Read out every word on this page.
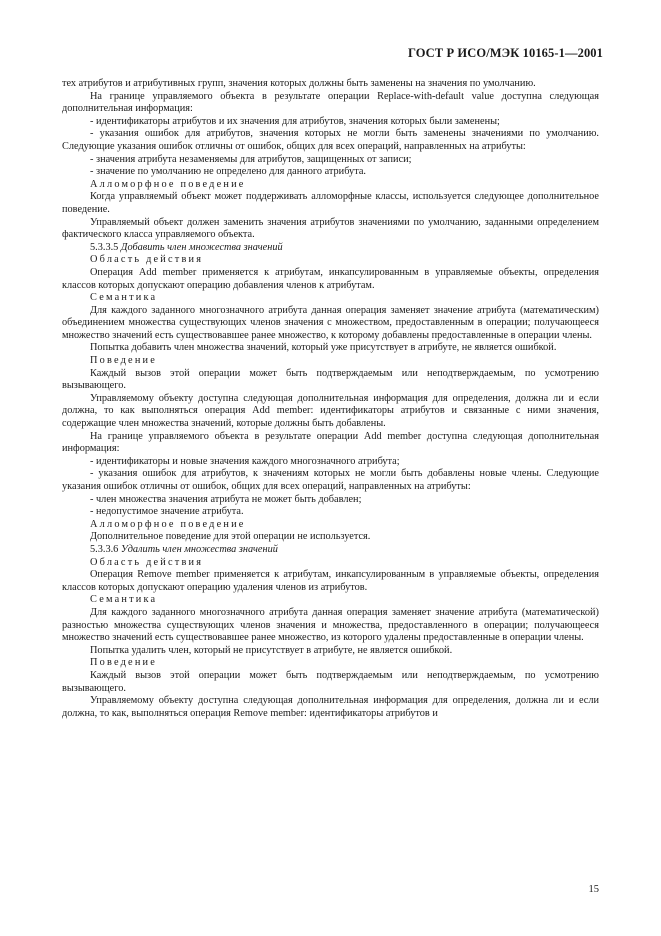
ГОСТ Р ИСО/МЭК 10165-1—2001

тех атрибутов и атрибутивных групп, значения которых должны быть заменены на значения по умолчанию.

На границе управляемого объекта в результате операции Replace-with-default value доступна следующая дополнительная информация:

- идентификаторы атрибутов и их значения для атрибутов, значения которых были заменены;

- указания ошибок для атрибутов, значения которых не могли быть заменены значениями по умолчанию. Следующие указания ошибок отличны от ошибок, общих для всех операций, направленных на атрибуты:

- значения атрибута незаменяемы для атрибутов, защищенных от записи;

- значение по умолчанию не определено для данного атрибута.

Алломорфное поведение

Когда управляемый объект может поддерживать алломорфные классы, используется следующее дополнительное поведение.

Управляемый объект должен заменить значения атрибутов значениями по умолчанию, заданными определением фактического класса управляемого объекта.

5.3.3.5 Добавить член множества значений

Область действия

Операция Add member применяется к атрибутам, инкапсулированным в управляемые объекты, определения классов которых допускают операцию добавления членов к атрибутам.

Семантика

Для каждого заданного многозначного атрибута данная операция заменяет значение атрибута (математическим) объединением множества существующих членов значения с множеством, предоставленным в операции; получающееся множество значений есть существовавшее ранее множество, к которому добавлены предоставленные в операции члены.

Попытка добавить член множества значений, который уже присутствует в атрибуте, не является ошибкой.

Поведение

Каждый вызов этой операции может быть подтверждаемым или неподтверждаемым, по усмотрению вызывающего.

Управляемому объекту доступна следующая дополнительная информация для определения, должна ли и если должна, то как выполняться операция Add member: идентификаторы атрибутов и связанные с ними значения, содержащие член множества значений, которые должны быть добавлены.

На границе управляемого объекта в результате операции Add member доступна следующая дополнительная информация:

- идентификаторы и новые значения каждого многозначного атрибута;

- указания ошибок для атрибутов, к значениям которых не могли быть добавлены новые члены. Следующие указания ошибок отличны от ошибок, общих для всех операций, направленных на атрибуты:

- член множества значения атрибута не может быть добавлен;

- недопустимое значение атрибута.

Алломорфное поведение

Дополнительное поведение для этой операции не используется.

5.3.3.6 Удалить член множества значений

Область действия

Операция Remove member применяется к атрибутам, инкапсулированным в управляемые объекты, определения классов которых допускают операцию удаления членов из атрибутов.

Семантика

Для каждого заданного многозначного атрибута данная операция заменяет значение атрибута (математической) разностью множества существующих членов значения и множества, предоставленного в операции; получающееся множество значений есть существовавшее ранее множество, из которого удалены предоставленные в операции члены.

Попытка удалить член, который не присутствует в атрибуте, не является ошибкой.

Поведение

Каждый вызов этой операции может быть подтверждаемым или неподтверждаемым, по усмотрению вызывающего.

Управляемому объекту доступна следующая дополнительная информация для определения, должна ли и если должна, то как, выполняться операция Remove member: идентификаторы атрибутов и

15
